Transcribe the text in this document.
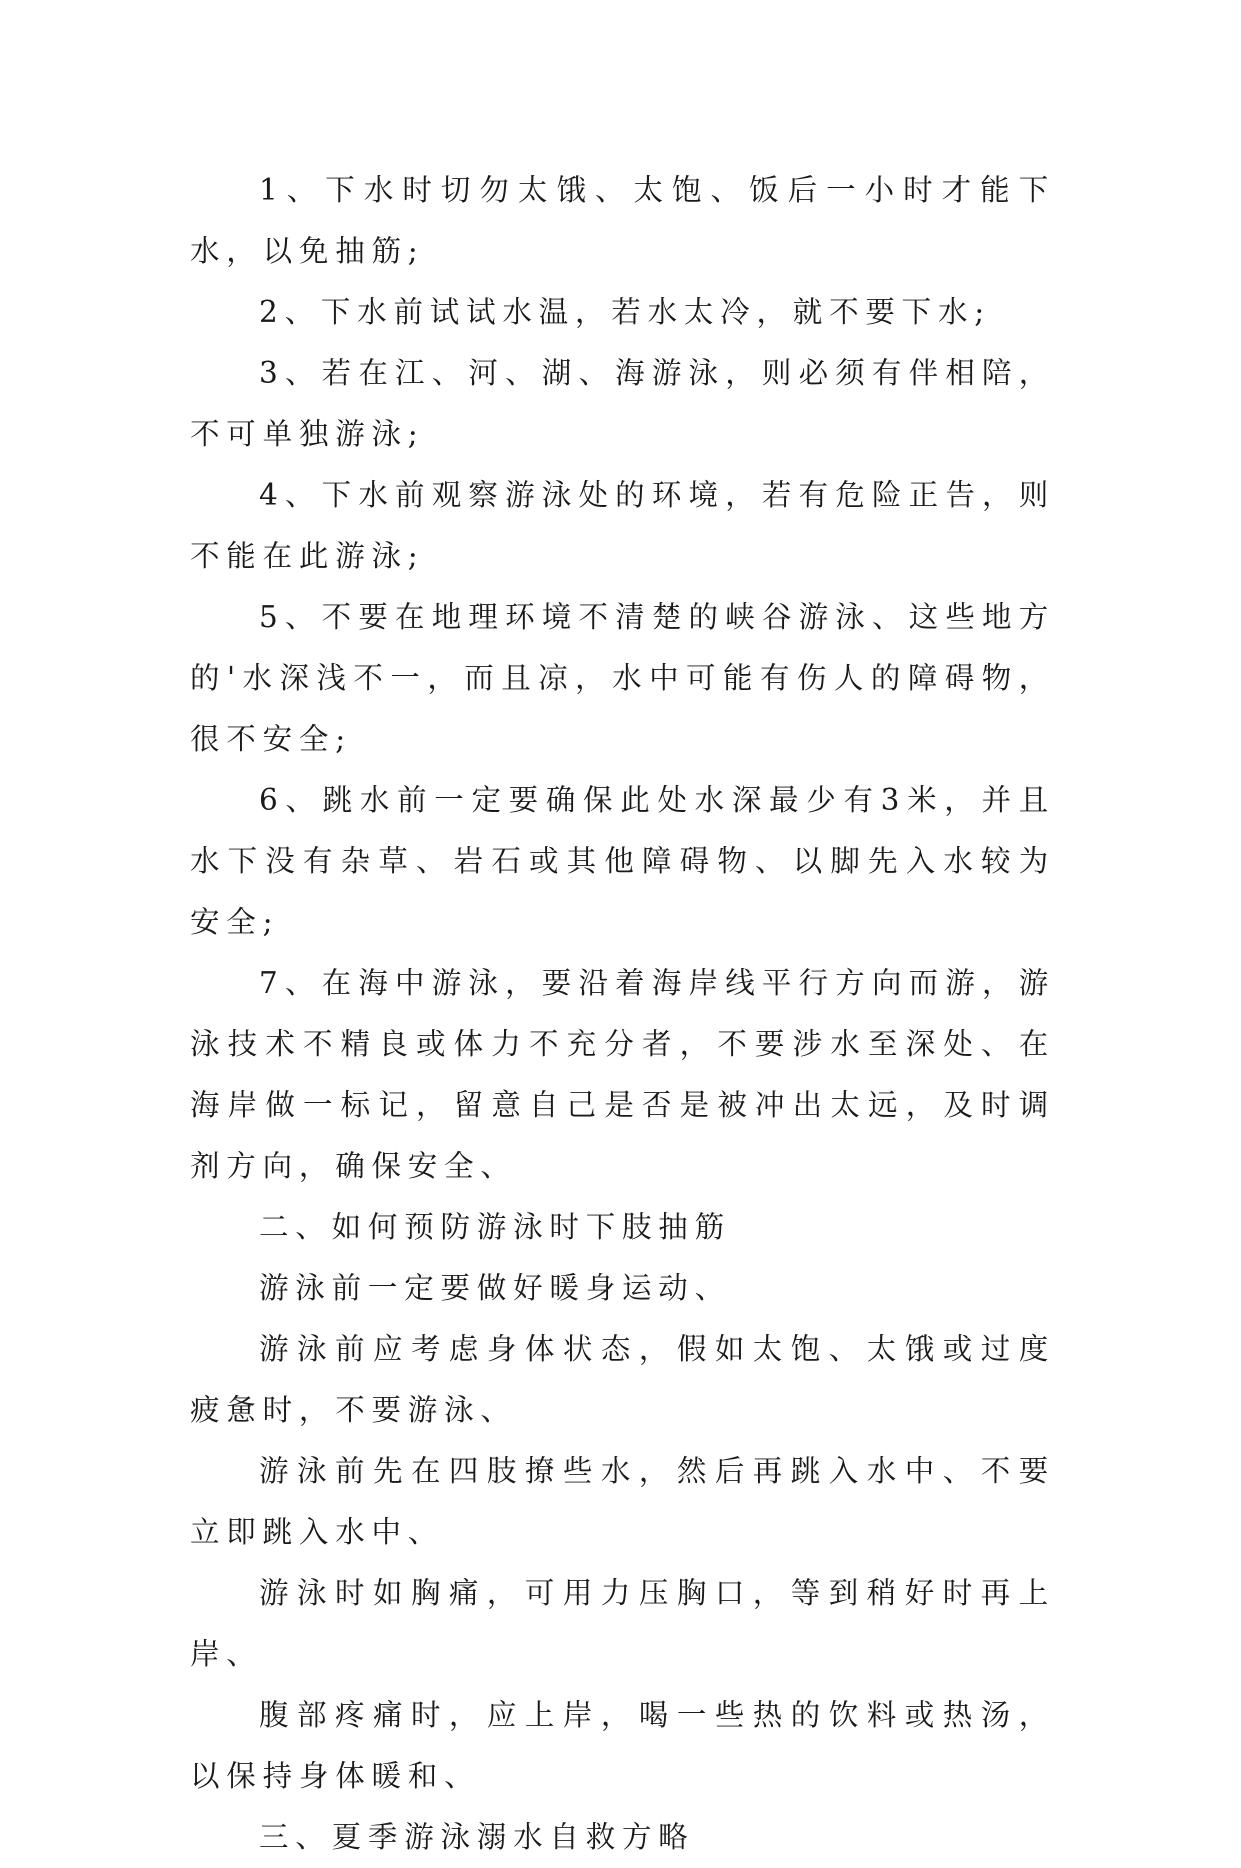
1、下水时切勿太饿、太饱、饭后一小时才能下水，以免抽筋;

2、下水前试试水温，若水太冷，就不要下水;

3、若在江、河、湖、海游泳，则必须有伴相陪，不可单独游泳;

4、下水前观察游泳处的环境，若有危险正告，则不能在此游泳;

5、不要在地理环境不清楚的峡谷游泳、这些地方的'水深浅不一，而且凉，水中可能有伤人的障碍物，很不安全;

6、跳水前一定要确保此处水深最少有3米，并且水下没有杂草、岩石或其他障碍物、以脚先入水较为安全;

7、在海中游泳，要沿着海岸线平行方向而游，游泳技术不精良或体力不充分者，不要涉水至深处、在海岸做一标记，留意自己是否是被冲出太远，及时调剂方向，确保安全、

二、如何预防游泳时下肢抽筋

游泳前一定要做好暖身运动、

游泳前应考虑身体状态，假如太饱、太饿或过度疲惫时，不要游泳、

游泳前先在四肢撩些水，然后再跳入水中、不要立即跳入水中、

游泳时如胸痛，可用力压胸口，等到稍好时再上岸、

腹部疼痛时，应上岸，喝一些热的饮料或热汤，以保持身体暖和、

三、夏季游泳溺水自救方略
